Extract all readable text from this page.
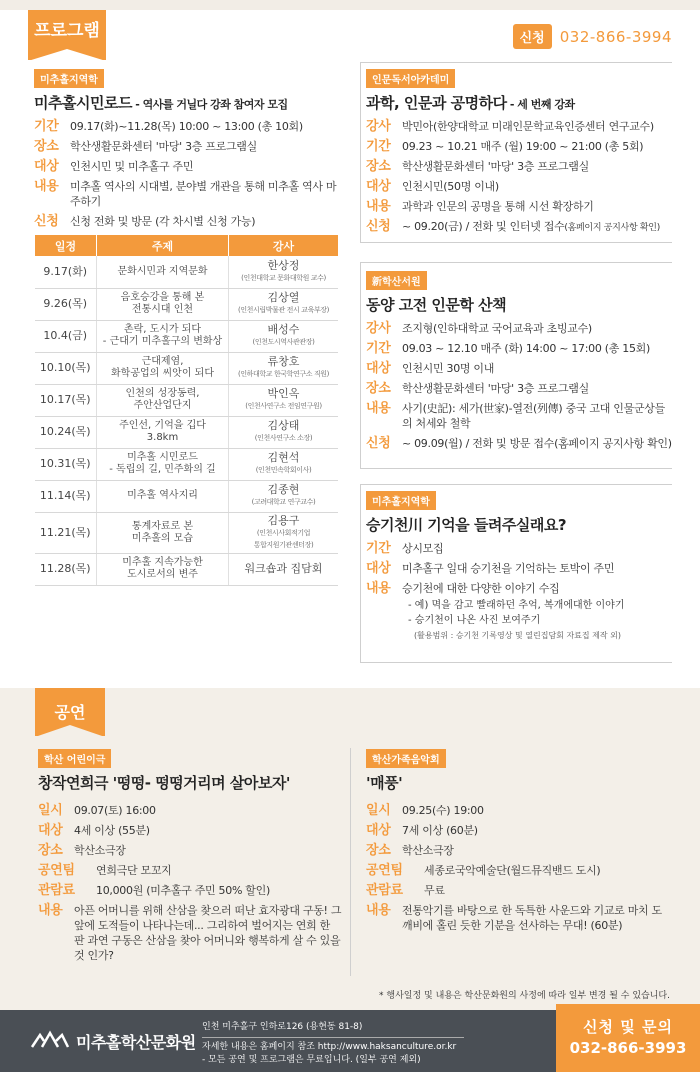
프로그램	신청	032-866-3994
미추홀지역학
미추홀시민로드 - 역사를 거닐다 강좌 참여자 모집
기간	09.17(화)~11.28(목) 10:00 ~ 13:00 (총 10회)
장소	학산생활문화센터 '마당' 3층 프로그램실
대상	인천시민 및 미추홀구 주민
내용	미추홀 역사의 시대별, 분야별 개관을 통해 미추홀 역사 마주하기
신청	신청 전화 및 방문 (각 차시별 신청 가능)
일정	주제	강사
9.17(화)	문화시민과 지역문화	한상정
(인천대학교 문화대학원 교수)

9.26(목)	음호승강을 통해 본
전통시대 인천	김상열
(인천시립박물관 전시 교육부장)

10.4(금)	촌락, 도시가 되다
- 근대기 미추홀구의 변화상	배성수
(인천도시역사관관장)

10.10(목)	근대제염,
화학공업의 씨앗이 되다	류창호
(인하대학교 한국학연구소 직원)

10.17(목)	인천의 성장동력,
주안산업단지	박인옥
(인천사연구소 전임연구원)

10.24(목)	주인선, 기억을 깁다
3.8km	김상태
(인천사연구소 소장)

10.31(목)	미추홀 시민로드
- 독립의 길, 민주화의 길	김현석
(인천민속학회이사)

11.14(목)	미추홀 역사지리	김종현
(고려대학교 연구교수)

11.21(목)	통계자료로 본
미추홀의 모습	김용구
(인천시사회적기업
통합지원기관센터장)

11.28(목)	미추홀 지속가능한
도시로서의 변주	워크숍과 집담회
인문독서아카데미
과학, 인문과 공명하다 - 세 번째 강좌
강사	박민아(한양대학교 미래인문학교육인증센터 연구교수)
기간	09.23 ~ 10.21 매주 (월) 19:00 ~ 21:00 (총 5회)
장소	학산생활문화센터 '마당' 3층 프로그램실
대상	인천시민(50명 이내)
내용	과학과 인문의 공명을 통해 시선 확장하기
신청	~ 09.20(금) / 전화 및 인터넷 접수(홈페이지 공지사항 확인)
新학산서원
동양 고전 인문학 산책
강사	조지형(인하대학교 국어교육과 초빙교수)
기간	09.03 ~ 12.10 매주 (화) 14:00 ~ 17:00 (총 15회)
대상	인천시민 30명 이내
장소	학산생활문화센터 '마당' 3층 프로그램실
내용	사기(史記): 세가(世家)-열전(列傳) 중국 고대 인물군상들의 처세와 철학
신청	~ 09.09(월) / 전화 및 방문 접수(홈페이지 공지사항 확인)
미추홀지역학
승기천川 기억을 들려주실래요?
기간	상시모집
대상	미추홀구 일대 승기천을 기억하는 토박이 주민
내용	승기천에 대한 다양한 이야기 수집
- 예) 멱을 감고 빨래하던 추억, 복개에대한 이야기
- 승기천이 나온 사진 보여주기
(활용범위 : 승기천 기록영상 및 열린집담회 자료집 제작 외)
공연
학산 어린이극
창작연희극 '떵떵- 떵떵거리며 살아보자'
일시	09.07(토) 16:00
대상	4세 이상 (55분)
장소	학산소극장
공연팀	연희극단 모꼬지
관람료	10,000원 (미추홀구 주민 50% 할인)
내용	아픈 어머니를 위해 산삼을 찾으러 떠난 효자광대 구동! 그 앞에 도적들이 나타나는데... 그리하여 벌어지는 연희 한 판 과연 구동은 산삼을 찾아 어머니와 행복하게 살 수 있을 것 인가?
학산가족음악회
'매풍'
일시	09.25(수) 19:00
대상	7세 이상 (60분)
장소	학산소극장
공연팀	세종로국악예술단(월드뮤직밴드 도시)
관람료	무료
내용	전통악기를 바탕으로 한 독특한 사운드와 기교로 마치 도깨비에 홀린 듯한 기분을 선사하는 무대! (60분)
* 행사일정 및 내용은 학산문화원의 사정에 따라 일부 변경 될 수 있습니다.
미추홀학산문화원
인천 미추홀구 인하로126 (용현동 81-8)
자세한 내용은 홈페이지 참조 http://www.haksanculture.or.kr
- 모든 공연 및 프로그램은 무료입니다. (일부 공연 제외)
신청 및 문의
032-866-3993
